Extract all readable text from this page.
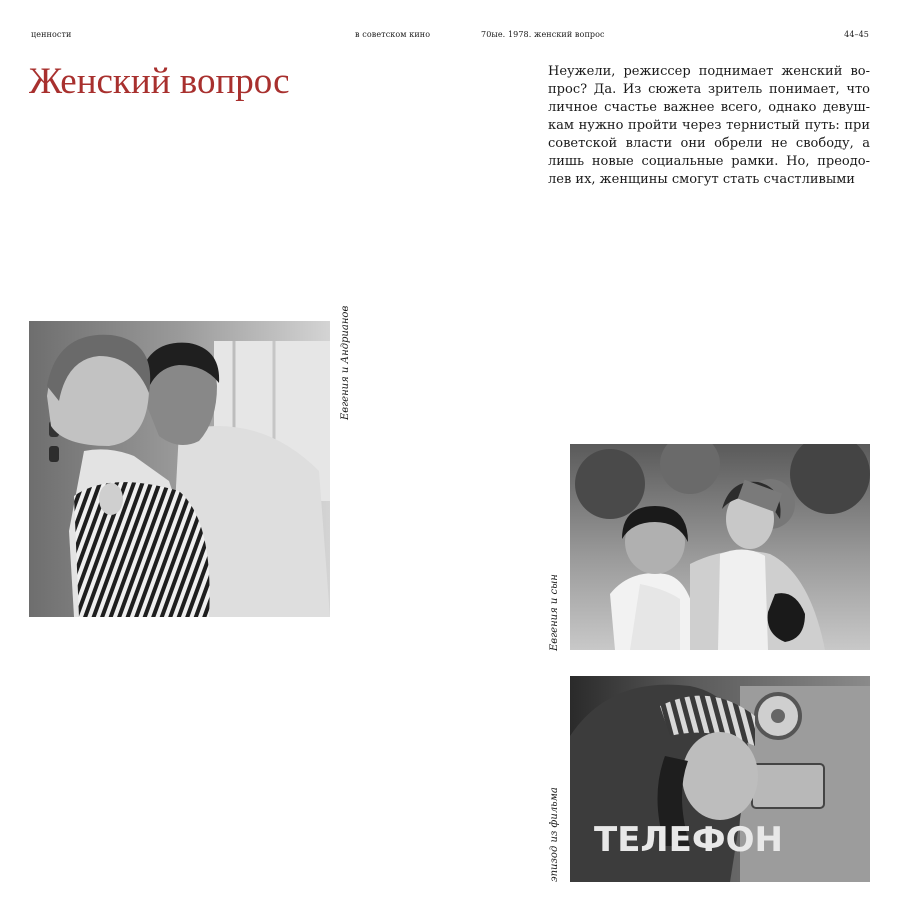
ценности	в советском кино	70ые. 1978. женский вопрос	44–45
Женский вопрос	Неужели, режиссер поднимает женский вопрос? Да. Из сюжета зритель понимает, что личное счастье важнее всего, однако девушкам нужно пройти через тернистый путь: при советской власти они обрели не свободу, а лишь новые социальные рамки. Но, преодолев их, женщины смогут стать счастливыми

Евгения и Андрианов
Евгения и сын
ТЕЛЕФОН
эпизод из фильма
